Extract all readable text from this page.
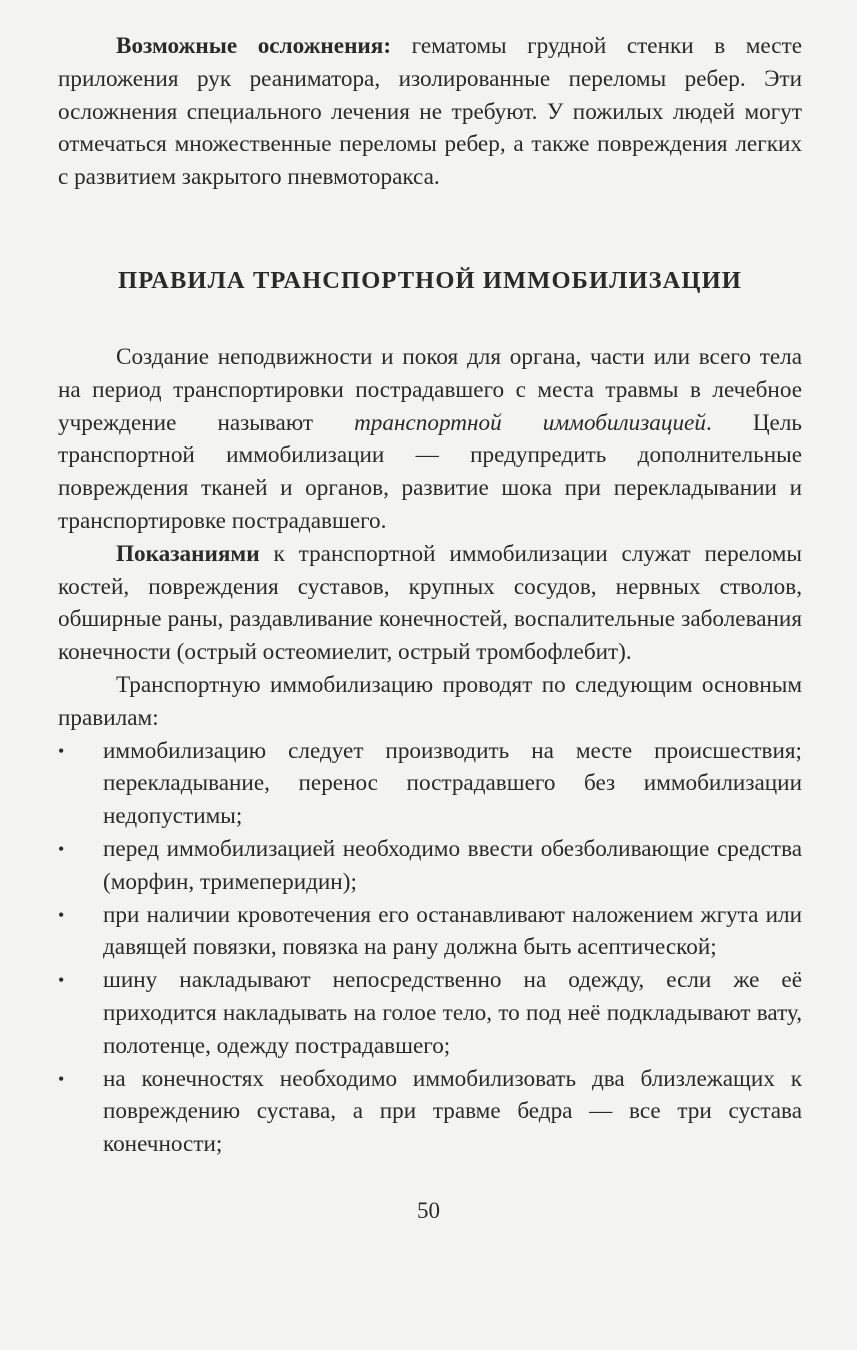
Возможные осложнения: гематомы грудной стенки в месте приложения рук реаниматора, изолированные переломы ребер. Эти осложнения специального лечения не требуют. У пожилых людей могут отмечаться множественные переломы ребер, а также повреждения легких с развитием закрытого пневмоторакса.

ПРАВИЛА ТРАНСПОРТНОЙ ИММОБИЛИЗАЦИИ

Создание неподвижности и покоя для органа, части или всего тела на период транспортировки пострадавшего с места травмы в лечебное учреждение называют транспортной иммобилизацией. Цель транспортной иммобилизации — предупредить дополнительные повреждения тканей и органов, развитие шока при перекладывании и транспортировке пострадавшего.

Показаниями к транспортной иммобилизации служат переломы костей, повреждения суставов, крупных сосудов, нервных стволов, обширные раны, раздавливание конечностей, воспалительные заболевания конечности (острый остеомиелит, острый тромбофлебит).

Транспортную иммобилизацию проводят по следующим основным правилам:

• иммобилизацию следует производить на месте происшествия; перекладывание, перенос пострадавшего без иммобилизации недопустимы;
• перед иммобилизацией необходимо ввести обезболивающие средства (морфин, тримеперидин);
• при наличии кровотечения его останавливают наложением жгута или давящей повязки, повязка на рану должна быть асептической;
• шину накладывают непосредственно на одежду, если же её приходится накладывать на голое тело, то под неё подкладывают вату, полотенце, одежду пострадавшего;
• на конечностях необходимо иммобилизовать два близлежащих к повреждению сустава, а при травме бедра — все три сустава конечности;
50
